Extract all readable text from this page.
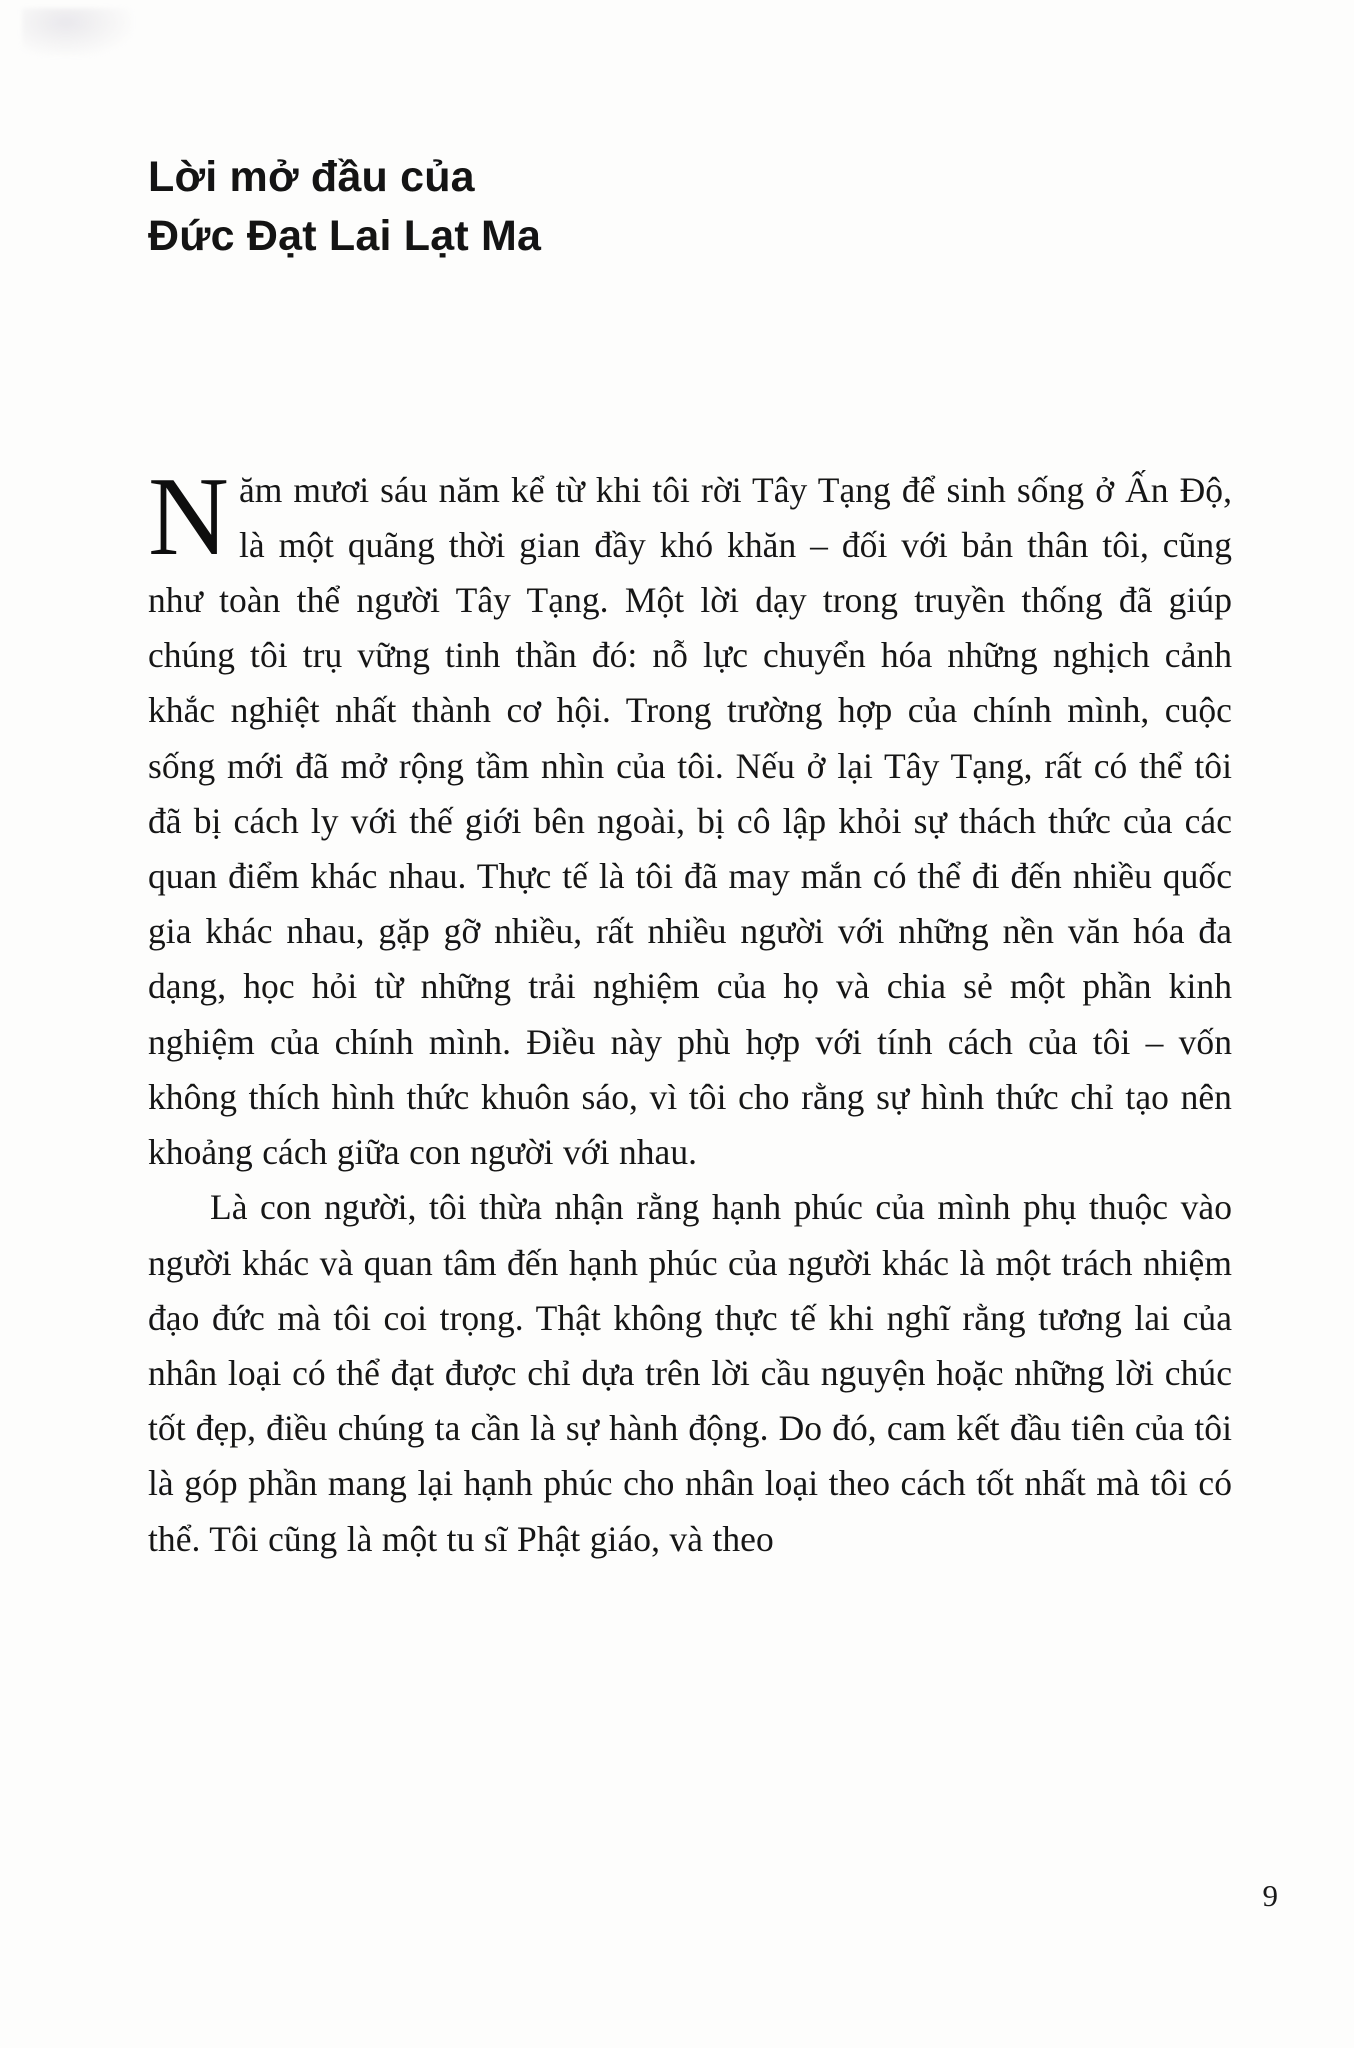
Lời mở đầu của
Đức Đạt Lai Lạt Ma

Năm mươi sáu năm kể từ khi tôi rời Tây Tạng để sinh sống ở Ấn Độ, là một quãng thời gian đầy khó khăn – đối với bản thân tôi, cũng như toàn thể người Tây Tạng. Một lời dạy trong truyền thống đã giúp chúng tôi trụ vững tinh thần đó: nỗ lực chuyển hóa những nghịch cảnh khắc nghiệt nhất thành cơ hội. Trong trường hợp của chính mình, cuộc sống mới đã mở rộng tầm nhìn của tôi. Nếu ở lại Tây Tạng, rất có thể tôi đã bị cách ly với thế giới bên ngoài, bị cô lập khỏi sự thách thức của các quan điểm khác nhau. Thực tế là tôi đã may mắn có thể đi đến nhiều quốc gia khác nhau, gặp gỡ nhiều, rất nhiều người với những nền văn hóa đa dạng, học hỏi từ những trải nghiệm của họ và chia sẻ một phần kinh nghiệm của chính mình. Điều này phù hợp với tính cách của tôi – vốn không thích hình thức khuôn sáo, vì tôi cho rằng sự hình thức chỉ tạo nên khoảng cách giữa con người với nhau.

Là con người, tôi thừa nhận rằng hạnh phúc của mình phụ thuộc vào người khác và quan tâm đến hạnh phúc của người khác là một trách nhiệm đạo đức mà tôi coi trọng. Thật không thực tế khi nghĩ rằng tương lai của nhân loại có thể đạt được chỉ dựa trên lời cầu nguyện hoặc những lời chúc tốt đẹp, điều chúng ta cần là sự hành động. Do đó, cam kết đầu tiên của tôi là góp phần mang lại hạnh phúc cho nhân loại theo cách tốt nhất mà tôi có thể. Tôi cũng là một tu sĩ Phật giáo, và theo

9
